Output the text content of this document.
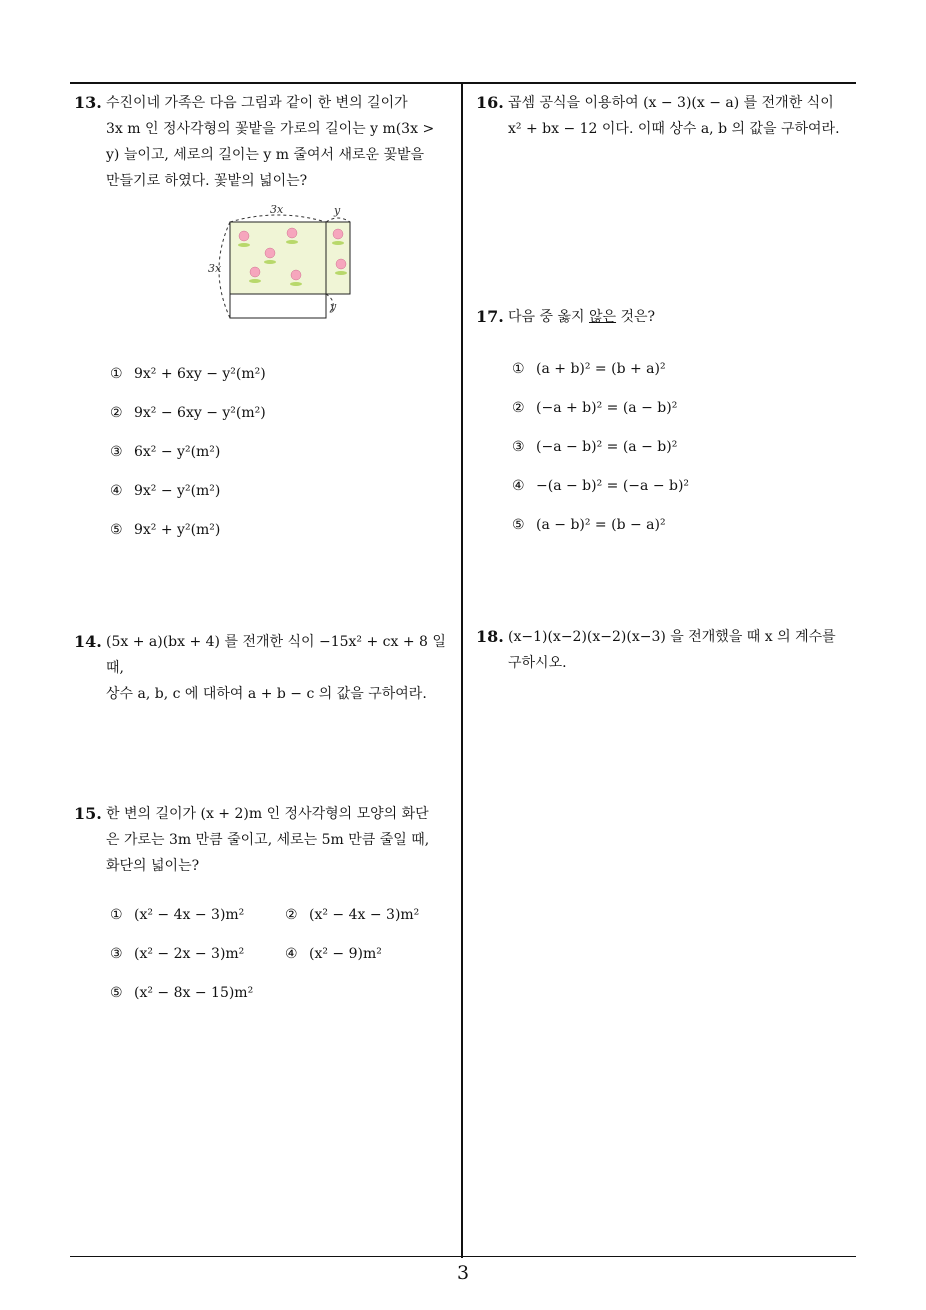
13. 수진이네 가족은 다음 그림과 같이 한 변의 길이가

3x m 인 정사각형의 꽃밭을 가로의 길이는 y m(3x >

y) 늘이고, 세로의 길이는 y m 줄여서 새로운 꽃밭을

만들기로 하였다. 꽃밭의 넓이는?

3x
3x
y
y
① 9x² + 6xy − y²(m²)
② 9x² − 6xy − y²(m²)
③ 6x² − y²(m²)
④ 9x² − y²(m²)
⑤ 9x² + y²(m²)
14. (5x + a)(bx + 4) 를 전개한 식이 −15x² + cx + 8 일 때,

상수 a, b, c 에 대하여 a + b − c 의 값을 구하여라.

15. 한 변의 길이가 (x + 2)m 인 정사각형의 모양의 화단

은 가로는 3m 만큼 줄이고, 세로는 5m 만큼 줄일 때,

화단의 넓이는?

① (x² − 4x − 3)m²	② (x² − 4x − 3)m²
③ (x² − 2x − 3)m²	④ (x² − 9)m²
⑤ (x² − 8x − 15)m²
16. 곱셈 공식을 이용하여 (x − 3)(x − a) 를 전개한 식이

x² + bx − 12 이다. 이때 상수 a, b 의 값을 구하여라.

17. 다음 중 옳지 않은 것은?

① (a + b)² = (b + a)²
② (−a + b)² = (a − b)²
③ (−a − b)² = (a − b)²
④ −(a − b)² = (−a − b)²
⑤ (a − b)² = (b − a)²
18. (x−1)(x−2)(x−2)(x−3) 을 전개했을 때 x 의 계수를

구하시오.

3
